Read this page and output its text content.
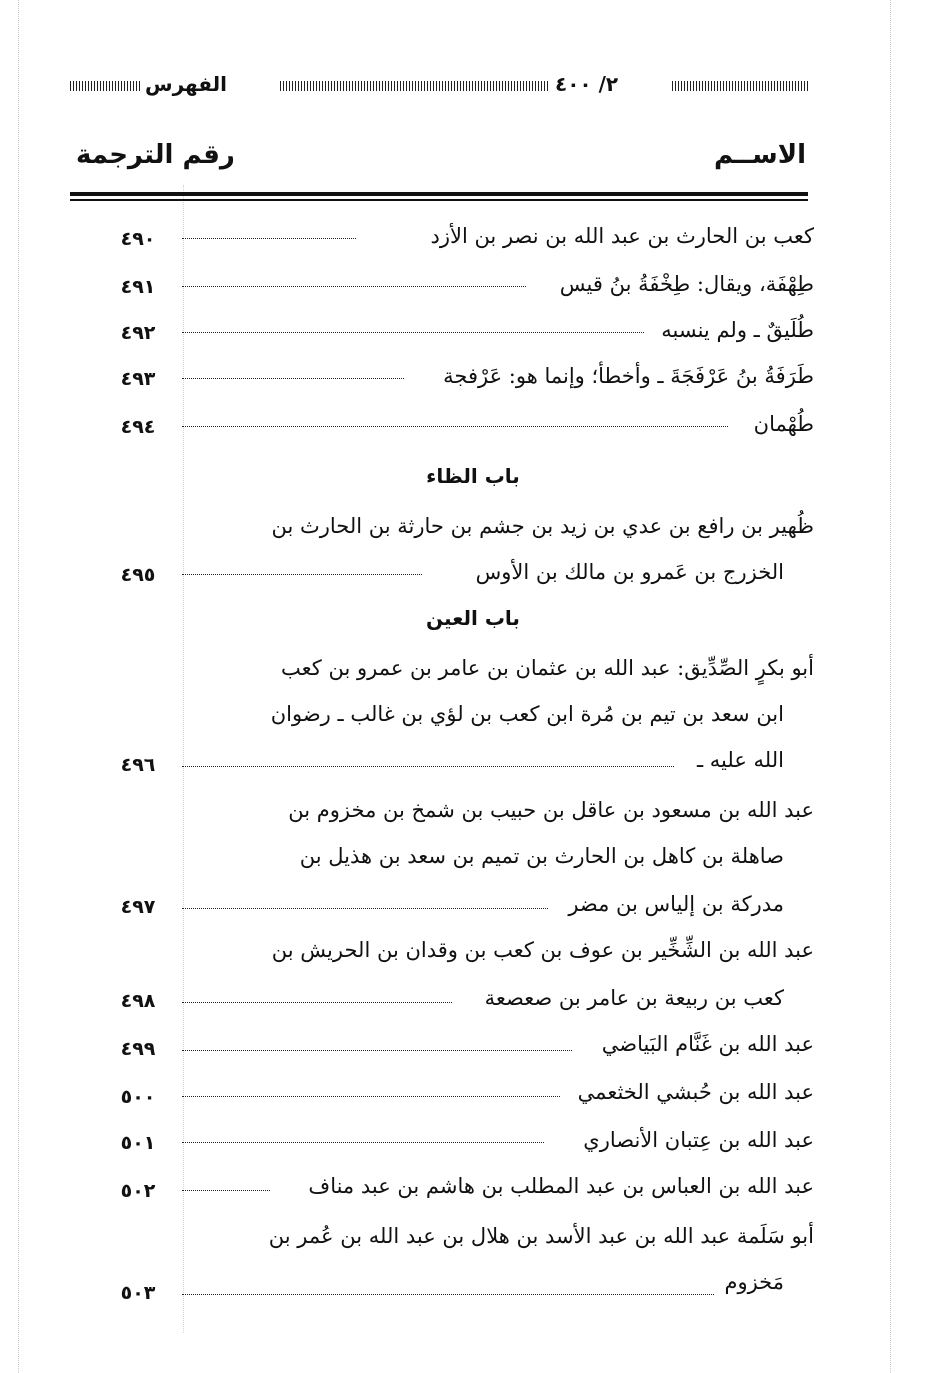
الفهرس	٢/ ٤٠٠
الاســم
رقم الترجمة
كعب بن الحارث بن عبد الله بن نصر بن الأزد
٤٩٠
طِهْفَة، ويقال: طِخْفَةُ بنُ قيس
٤٩١
طُلَيقٌ ـ ولم ينسبه
٤٩٢
طَرَفَةُ بنُ عَرْفَجَةَ ـ وأخطأ؛ وإنما هو: عَرْفجة
٤٩٣
طُهْمان
٤٩٤
باب الظاء
ظُهير بن رافع بن عدي بن زيد بن جشم بن حارثة بن الحارث بن
الخزرج بن عَمرو بن مالك بن الأوس
٤٩٥
باب العين
أبو بكرٍ الصِّدِّيق: عبد الله بن عثمان بن عامر بن عمرو بن كعب
ابن سعد بن تيم بن مُرة ابن كعب بن لؤي بن غالب ـ رضوان
الله عليه ـ
٤٩٦
عبد الله بن مسعود بن عاقل بن حبيب بن شمخ بن مخزوم بن
صاهلة بن كاهل بن الحارث بن تميم بن سعد بن هذيل بن
مدركة بن إلياس بن مضر
٤٩٧
عبد الله بن الشِّخِّير بن عوف بن كعب بن وقدان بن الحريش بن
كعب بن ربيعة بن عامر بن صعصعة
٤٩٨
عبد الله بن غَنَّام البَياضي
٤٩٩
عبد الله بن حُبشي الخثعمي
٥٠٠
عبد الله بن عِتبان الأنصاري
٥٠١
عبد الله بن العباس بن عبد المطلب بن هاشم بن عبد مناف
٥٠٢
أبو سَلَمة عبد الله بن عبد الأسد بن هلال بن عبد الله بن عُمر بن
مَخزوم
٥٠٣
